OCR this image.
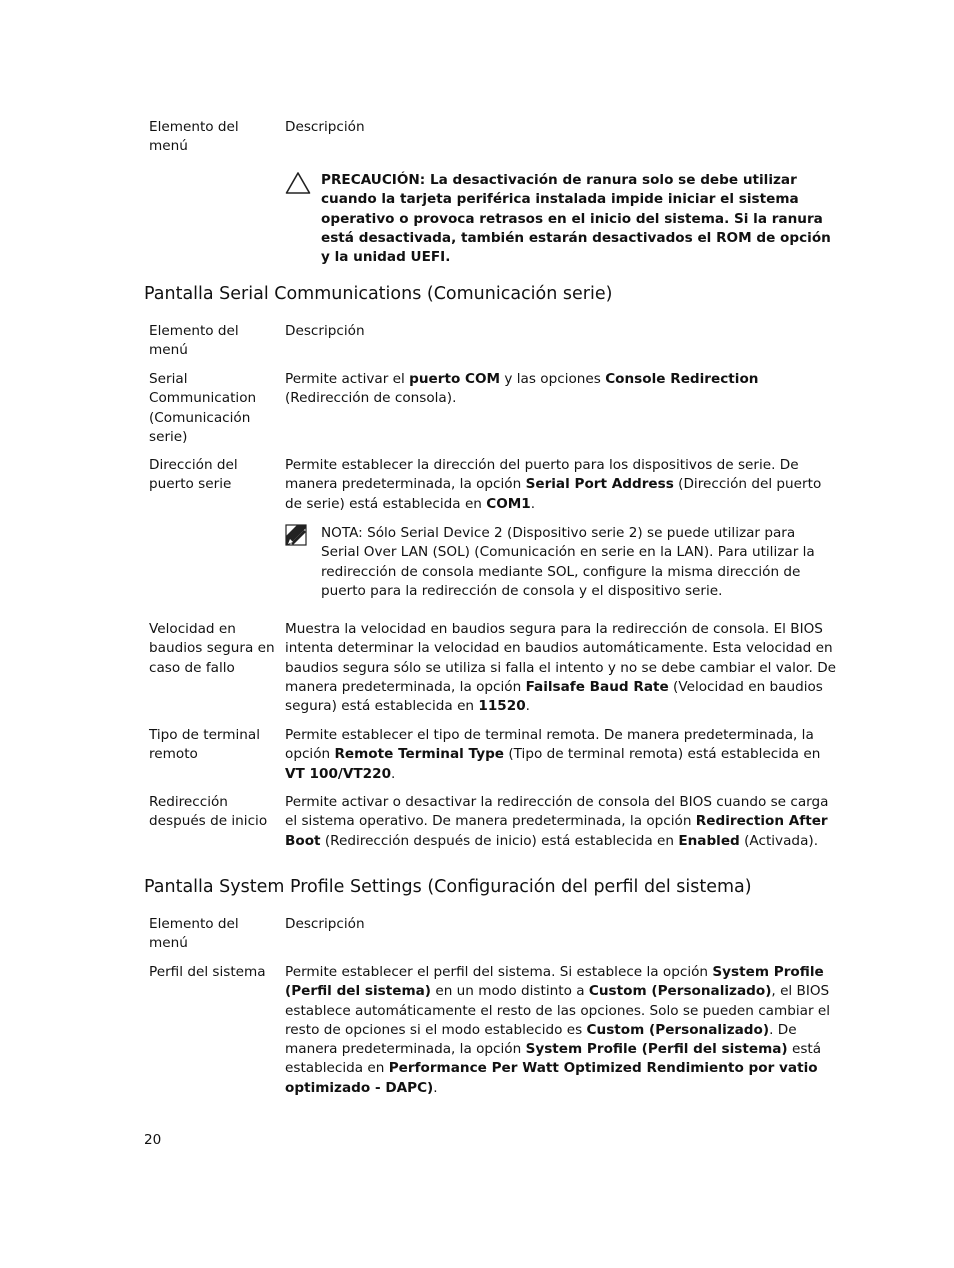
Elemento del menú
Descripción
PRECAUCIÓN: La desactivación de ranura solo se debe utilizar cuando la tarjeta periférica instalada impide iniciar el sistema operativo o provoca retrasos en el inicio del sistema. Si la ranura está desactivada, también estarán desactivados el ROM de opción y la unidad UEFI.
Pantalla Serial Communications (Comunicación serie)
Elemento del menú
Descripción
Serial Communication (Comunicación serie)
Permite activar el puerto COM y las opciones Console Redirection (Redirección de consola).
Dirección del puerto serie
Permite establecer la dirección del puerto para los dispositivos de serie. De manera predeterminada, la opción Serial Port Address (Dirección del puerto de serie) está establecida en COM1.
NOTA: Sólo Serial Device 2 (Dispositivo serie 2) se puede utilizar para Serial Over LAN (SOL) (Comunicación en serie en la LAN). Para utilizar la redirección de consola mediante SOL, configure la misma dirección de puerto para la redirección de consola y el dispositivo serie.
Velocidad en baudios segura en caso de fallo
Muestra la velocidad en baudios segura para la redirección de consola. El BIOS intenta determinar la velocidad en baudios automáticamente. Esta velocidad en baudios segura sólo se utiliza si falla el intento y no se debe cambiar el valor. De manera predeterminada, la opción Failsafe Baud Rate (Velocidad en baudios segura) está establecida en 11520.
Tipo de terminal remoto
Permite establecer el tipo de terminal remota. De manera predeterminada, la opción Remote Terminal Type (Tipo de terminal remota) está establecida en VT 100/VT220.
Redirección después de inicio
Permite activar o desactivar la redirección de consola del BIOS cuando se carga el sistema operativo. De manera predeterminada, la opción Redirection After Boot (Redirección después de inicio) está establecida en Enabled (Activada).
Pantalla System Profile Settings (Configuración del perfil del sistema)
Elemento del menú
Descripción
Perfil del sistema	Permite establecer el perfil del sistema. Si establece la opción System Profile (Perfil del sistema) en un modo distinto a Custom (Personalizado), el BIOS establece automáticamente el resto de las opciones. Solo se pueden cambiar el resto de opciones si el modo establecido es Custom (Personalizado). De manera predeterminada, la opción System Profile (Perfil del sistema) está establecida en Performance Per Watt Optimized Rendimiento por vatio optimizado - DAPC).
20
